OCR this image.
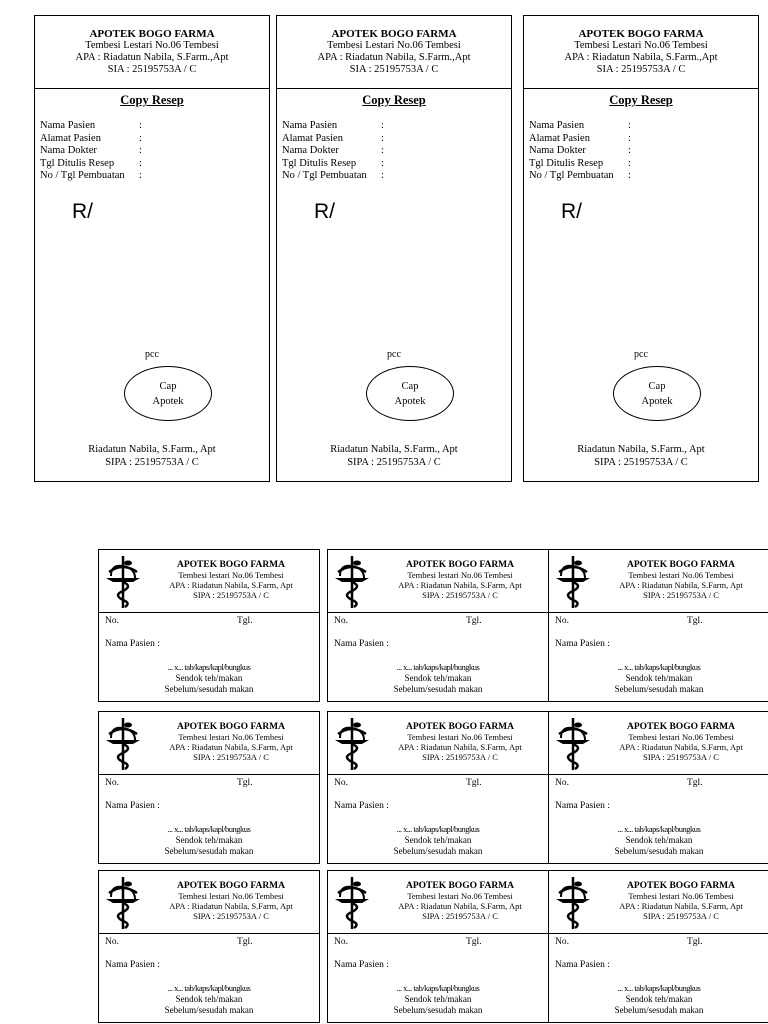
APOTEK BOGO FARMA
Tembesi Lestari No.06 Tembesi
APA : Riadatun Nabila, S.Farm.,Apt
SIA : 25195753A / C
Copy Resep
Nama Pasien	:
Alamat Pasien	:
Nama Dokter	:
Tgl Ditulis Resep :
No / Tgl Pembuatan :
R/
pcc
Cap
Apotek
Riadatun Nabila, S.Farm., Apt
SIPA : 25195753A / C
APOTEK BOGO FARMA
Tembesi Lestari No.06 Tembesi
APA : Riadatun Nabila, S.Farm.,Apt
SIA : 25195753A / C
Copy Resep
Nama Pasien	:
Alamat Pasien	:
Nama Dokter	:
Tgl Ditulis Resep :
No / Tgl Pembuatan :
R/
pcc
Cap
Apotek
Riadatun Nabila, S.Farm., Apt
SIPA : 25195753A / C
APOTEK BOGO FARMA
Tembesi Lestari No.06 Tembesi
APA : Riadatun Nabila, S.Farm.,Apt
SIA : 25195753A / C
Copy Resep
Nama Pasien	:
Alamat Pasien	:
Nama Dokter	:
Tgl Ditulis Resep :
No / Tgl Pembuatan :
R/
pcc
Cap
Apotek
Riadatun Nabila, S.Farm., Apt
SIPA : 25195753A / C
APOTEK BOGO FARMA
Tembesi lestari No.06 Tembesi
APA : Riadatun Nabila, S.Farm, Apt
SIPA : 25195753A / C
No.	Tgl.
Nama Pasien :
... x... tab/kaps/kapl/bungkus
Sendok teh/makan
Sebelum/sesudah makan
APOTEK BOGO FARMA
Tembesi lestari No.06 Tembesi
APA : Riadatun Nabila, S.Farm, Apt
SIPA : 25195753A / C
No.	Tgl.
Nama Pasien :
... x... tab/kaps/kapl/bungkus
Sendok teh/makan
Sebelum/sesudah makan
APOTEK BOGO FARMA
Tembesi lestari No.06 Tembesi
APA : Riadatun Nabila, S.Farm, Apt
SIPA : 25195753A / C
No.	Tgl.
Nama Pasien :
... x... tab/kaps/kapl/bungkus
Sendok teh/makan
Sebelum/sesudah makan
APOTEK BOGO FARMA
Tembesi lestari No.06 Tembesi
APA : Riadatun Nabila, S.Farm, Apt
SIPA : 25195753A / C
No.	Tgl.
Nama Pasien :
... x... tab/kaps/kapl/bungkus
Sendok teh/makan
Sebelum/sesudah makan
APOTEK BOGO FARMA
Tembesi lestari No.06 Tembesi
APA : Riadatun Nabila, S.Farm, Apt
SIPA : 25195753A / C
No.	Tgl.
Nama Pasien :
... x... tab/kaps/kapl/bungkus
Sendok teh/makan
Sebelum/sesudah makan
APOTEK BOGO FARMA
Tembesi lestari No.06 Tembesi
APA : Riadatun Nabila, S.Farm, Apt
SIPA : 25195753A / C
No.	Tgl.
Nama Pasien :
... x... tab/kaps/kapl/bungkus
Sendok teh/makan
Sebelum/sesudah makan
APOTEK BOGO FARMA
Tembesi lestari No.06 Tembesi
APA : Riadatun Nabila, S.Farm, Apt
SIPA : 25195753A / C
No.	Tgl.
Nama Pasien :
... x... tab/kaps/kapl/bungkus
Sendok teh/makan
Sebelum/sesudah makan
APOTEK BOGO FARMA
Tembesi lestari No.06 Tembesi
APA : Riadatun Nabila, S.Farm, Apt
SIPA : 25195753A / C
No.	Tgl.
Nama Pasien :
... x... tab/kaps/kapl/bungkus
Sendok teh/makan
Sebelum/sesudah makan
APOTEK BOGO FARMA
Tembesi lestari No.06 Tembesi
APA : Riadatun Nabila, S.Farm, Apt
SIPA : 25195753A / C
No.	Tgl.
Nama Pasien :
... x... tab/kaps/kapl/bungkus
Sendok teh/makan
Sebelum/sesudah makan
